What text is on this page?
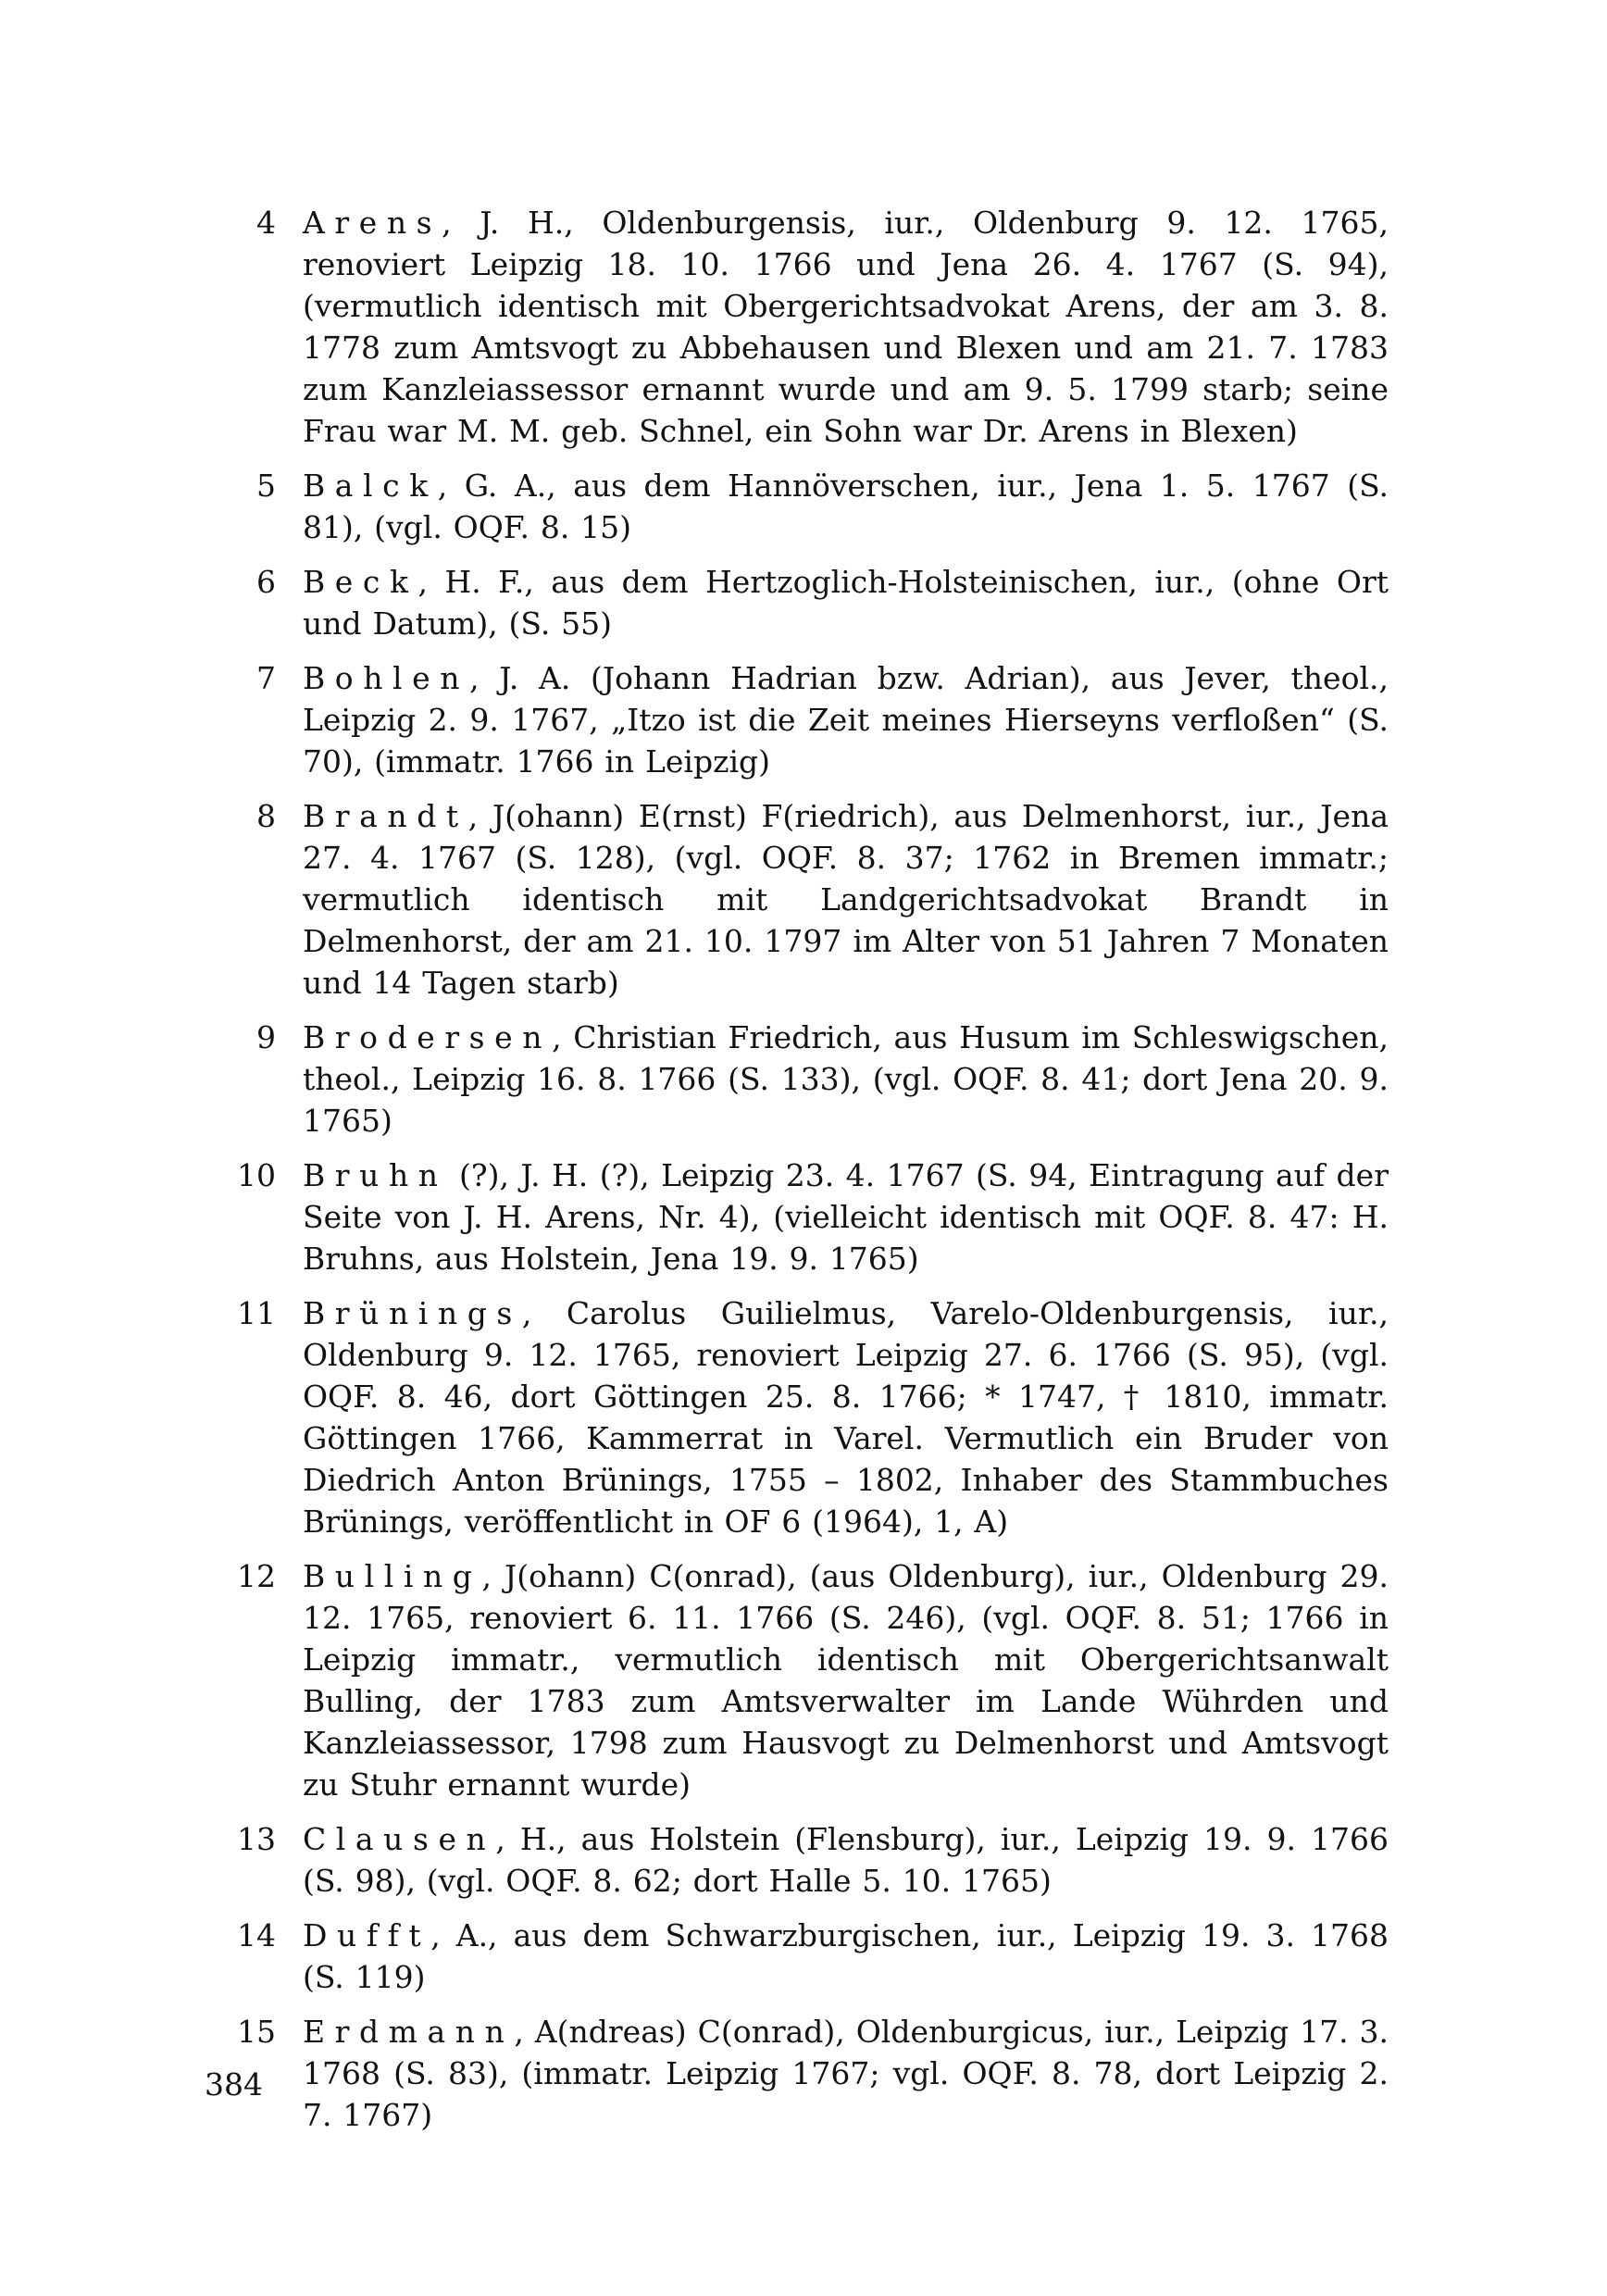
4 Arens, J. H., Oldenburgensis, iur., Oldenburg 9. 12. 1765, renoviert Leipzig 18. 10. 1766 und Jena 26. 4. 1767 (S. 94), (vermutlich identisch mit Obergerichtsadvokat Arens, der am 3. 8. 1778 zum Amtsvogt zu Abbehausen und Blexen und am 21. 7. 1783 zum Kanzleiassessor ernannt wurde und am 9. 5. 1799 starb; seine Frau war M. M. geb. Schnel, ein Sohn war Dr. Arens in Blexen)
5 Balck, G. A., aus dem Hannöverschen, iur., Jena 1. 5. 1767 (S. 81), (vgl. OQF. 8. 15)
6 Beck, H. F., aus dem Hertzoglich-Holsteinischen, iur., (ohne Ort und Datum), (S. 55)
7 Bohlen, J. A. (Johann Hadrian bzw. Adrian), aus Jever, theol., Leipzig 2. 9. 1767, „Itzo ist die Zeit meines Hierseyns verfloßen“ (S. 70), (immatr. 1766 in Leipzig)
8 Brandt, J(ohann) E(rnst) F(riedrich), aus Delmenhorst, iur., Jena 27. 4. 1767 (S. 128), (vgl. OQF. 8. 37; 1762 in Bremen immatr.; vermutlich identisch mit Landgerichtsadvokat Brandt in Delmenhorst, der am 21. 10. 1797 im Alter von 51 Jahren 7 Monaten und 14 Tagen starb)
9 Brodersen, Christian Friedrich, aus Husum im Schleswigschen, theol., Leipzig 16. 8. 1766 (S. 133), (vgl. OQF. 8. 41; dort Jena 20. 9. 1765)
10 Bruhn (?), J. H. (?), Leipzig 23. 4. 1767 (S. 94, Eintragung auf der Seite von J. H. Arens, Nr. 4), (vielleicht identisch mit OQF. 8. 47: H. Bruhns, aus Holstein, Jena 19. 9. 1765)
11 Brünings, Carolus Guilielmus, Varelo-Oldenburgensis, iur., Oldenburg 9. 12. 1765, renoviert Leipzig 27. 6. 1766 (S. 95), (vgl. OQF. 8. 46, dort Göttingen 25. 8. 1766; * 1747, † 1810, immatr. Göttingen 1766, Kammerrat in Varel. Vermutlich ein Bruder von Diedrich Anton Brünings, 1755 – 1802, Inhaber des Stammbuches Brünings, veröffentlicht in OF 6 (1964), 1, A)
12 Bulling, J(ohann) C(onrad), (aus Oldenburg), iur., Oldenburg 29. 12. 1765, renoviert 6. 11. 1766 (S. 246), (vgl. OQF. 8. 51; 1766 in Leipzig immatr., vermutlich identisch mit Obergerichtsanwalt Bulling, der 1783 zum Amtsverwalter im Lande Wührden und Kanzleiassessor, 1798 zum Hausvogt zu Delmenhorst und Amtsvogt zu Stuhr ernannt wurde)
13 Clausen, H., aus Holstein (Flensburg), iur., Leipzig 19. 9. 1766 (S. 98), (vgl. OQF. 8. 62; dort Halle 5. 10. 1765)
14 Dufft, A., aus dem Schwarzburgischen, iur., Leipzig 19. 3. 1768 (S. 119)
15 Erdmann, A(ndreas) C(onrad), Oldenburgicus, iur., Leipzig 17. 3. 1768 (S. 83), (immatr. Leipzig 1767; vgl. OQF. 8. 78, dort Leipzig 2. 7. 1767)
384
